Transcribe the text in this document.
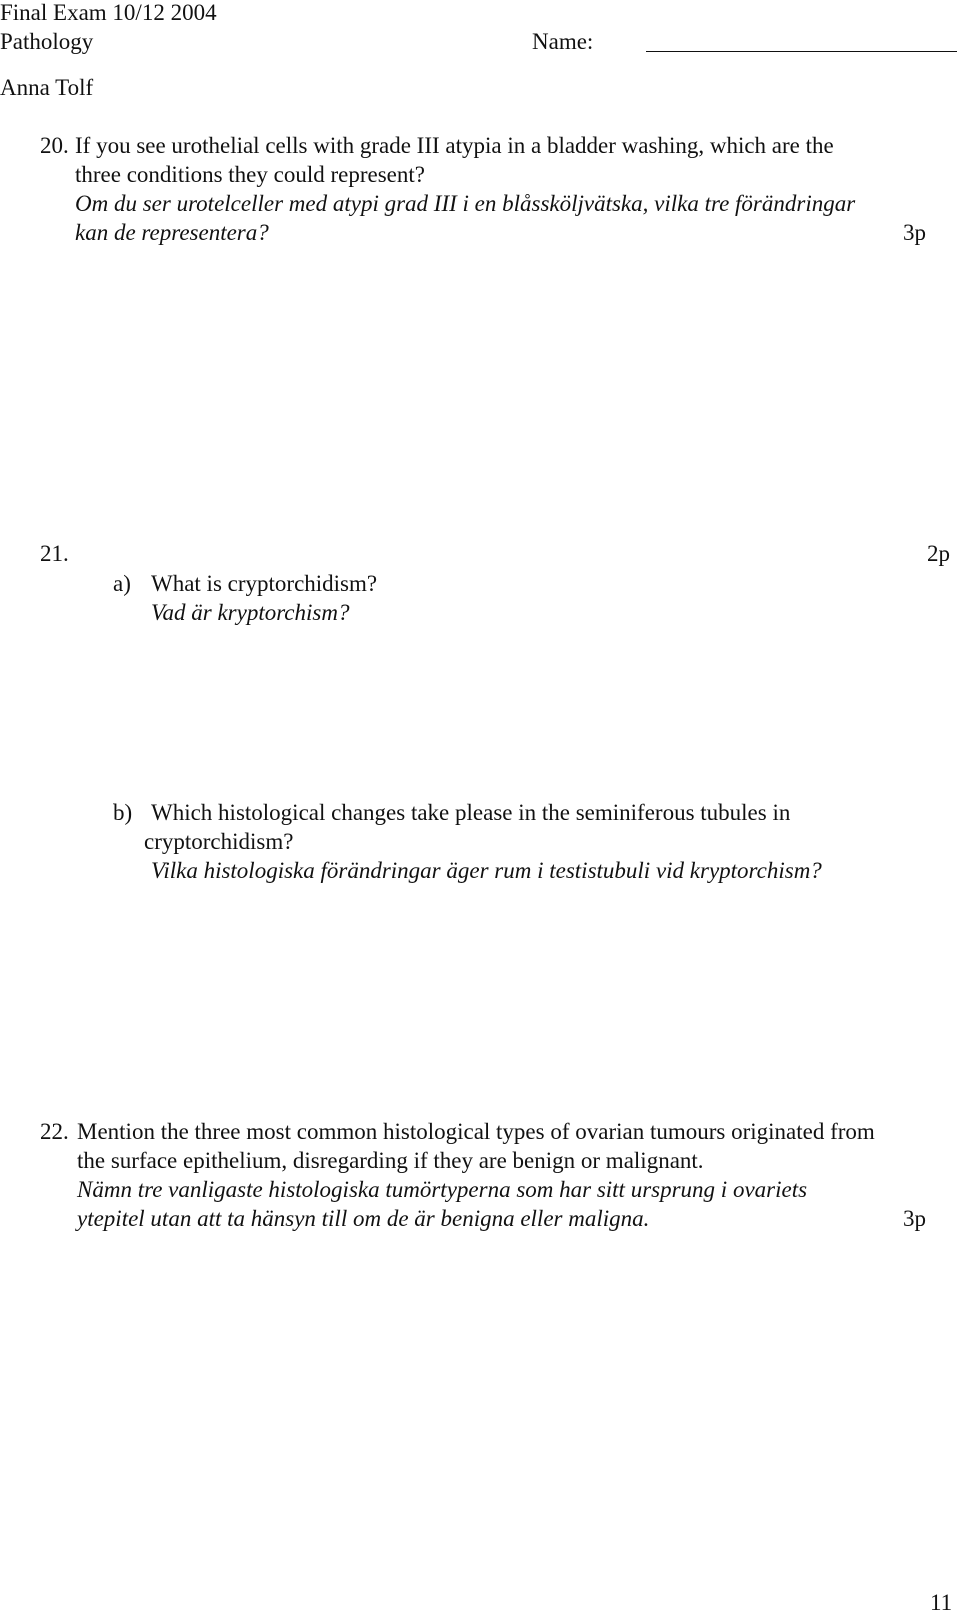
Final Exam 10/12 2004
Pathology	Name:
Anna Tolf
20. If you see urothelial cells with grade III atypia in a bladder washing, which are the
three conditions they could represent?
Om du ser urotelceller med atypi grad III i en blåsskölјvätska, vilka tre förändringar
kan de representera?	3p
21.	2p
a) What is cryptorchidism?
Vad är kryptorchism?
b) Which histological changes take please in the seminiferous tubules in
cryptorchidism?
Vilka histologiska förändringar äger rum i testistubuli vid kryptorchism?
22. Mention the three most common histological types of ovarian tumours originated from
the surface epithelium, disregarding if they are benign or malignant.
Nämn tre vanligaste histologiska tumörtyperna som har sitt ursprung i ovariets
ytepitel utan att ta hänsyn till om de är benigna eller maligna.	3p
11
